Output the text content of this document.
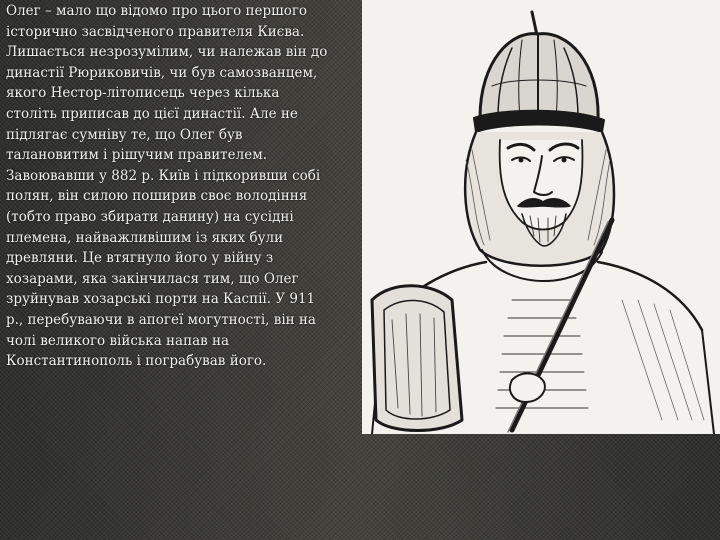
Олег – мало що відомо про цього першого
історично засвідченого правителя Києва.
Лишається незрозумілим, чи належав він до
династії Рюриковичів, чи був самозванцем,
якого Нестор-літописець через кілька
століть приписав до цієї династії. Але не
підлягає сумніву те, що Олег був
талановитим і рішучим правителем.
Завоювавши у 882 р. Київ і підкоривши собі
полян, він силою поширив своє володіння
(тобто право збирати данину) на сусідні
племена, найважливішим із яких були
древляни. Це втягнуло його у війну з
хозарами, яка закінчилася тим, що Олег
зруйнував хозарські порти на Каспії. У 911
р., перебуваючи в апогеї могутності, він на
чолі великого війська напав на
Константинополь і пограбував його.
